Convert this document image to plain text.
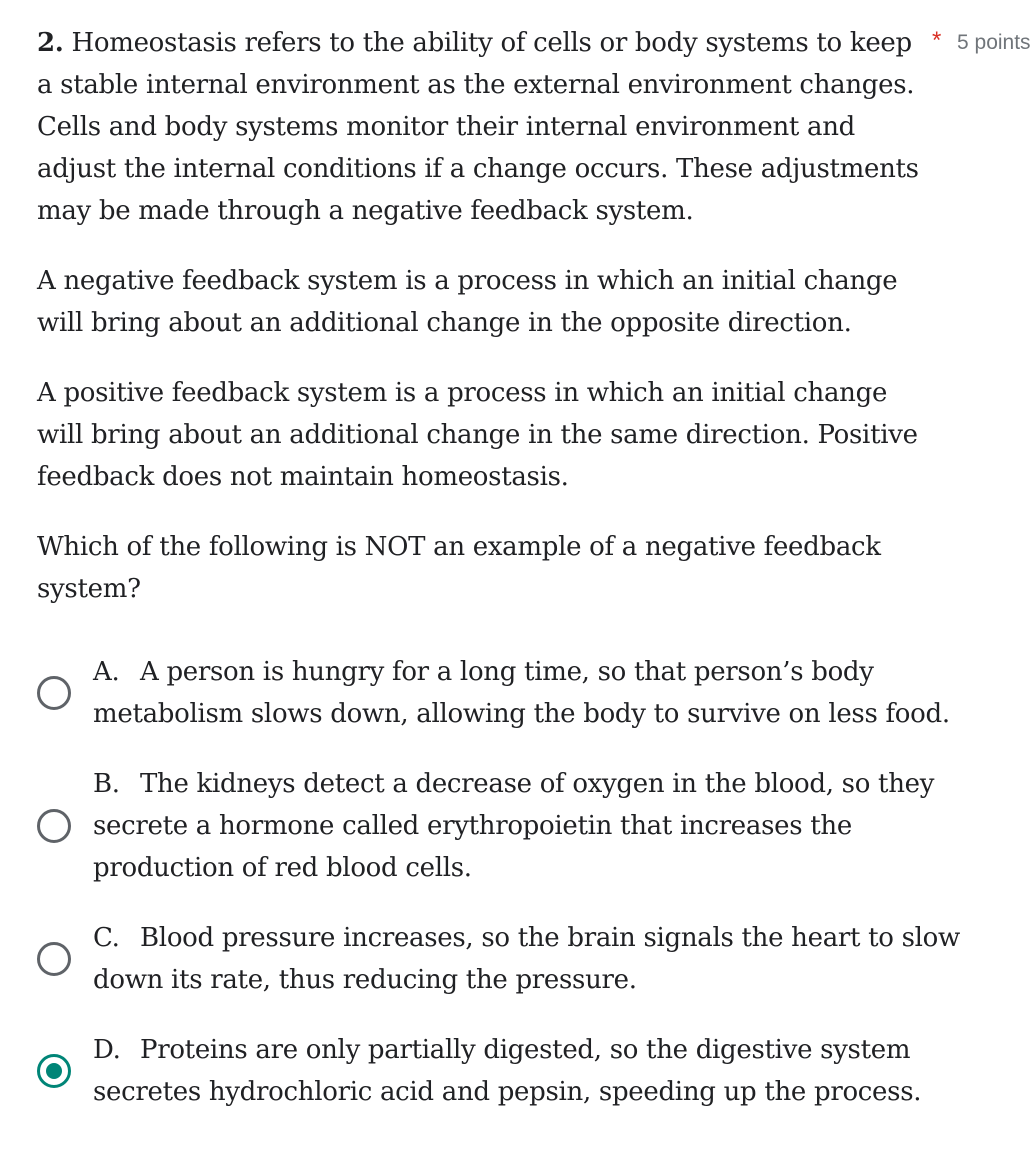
2. Homeostasis refers to the ability of cells or body systems to keep a stable internal environment as the external environment changes. Cells and body systems monitor their internal environment and adjust the internal conditions if a change occurs. These adjustments may be made through a negative feedback system.

A negative feedback system is a process in which an initial change will bring about an additional change in the opposite direction.

A positive feedback system is a process in which an initial change will bring about an additional change in the same direction. Positive feedback does not maintain homeostasis.

Which of the following is NOT an example of a negative feedback system?

* 5 points
A. A person is hungry for a long time, so that person’s body metabolism slows down, allowing the body to survive on less food.
B. The kidneys detect a decrease of oxygen in the blood, so they secrete a hormone called erythropoietin that increases the production of red blood cells.
C. Blood pressure increases, so the brain signals the heart to slow down its rate, thus reducing the pressure.
D. Proteins are only partially digested, so the digestive system secretes hydrochloric acid and pepsin, speeding up the process.
